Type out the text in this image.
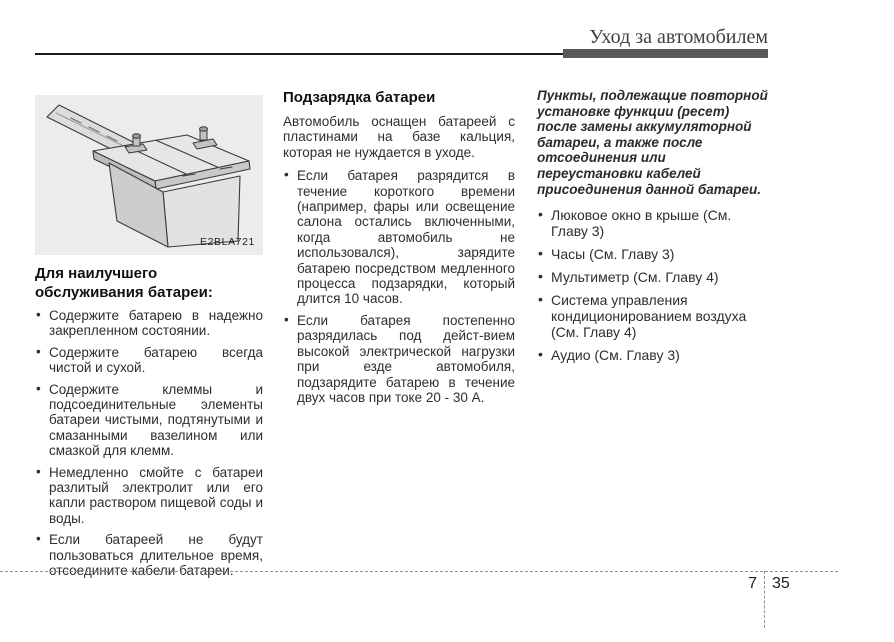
Уход за автомобилем
E2BLA721
Для наилучшего обслуживания батареи:
• Содержите батарею в надежно закрепленном состоянии.
• Содержите батарею всегда чистой и сухой.
• Содержите клеммы и подсоединительные элементы батареи чистыми, подтянутыми и смазанными вазелином или смазкой для клемм.
• Немедленно смойте с батареи разлитый электролит или его капли раствором пищевой соды и воды.
• Если батареей не будут пользоваться длительное время, отсоедините кабели батареи.
Подзарядка батареи

Автомобиль оснащен батареей с пластинами на базе кальция, которая не нуждается в уходе.

• Если батарея разрядится в течение короткого времени (например, фары или освещение салона остались включенными, когда автомобиль не использовался), зарядите батарею посредством медленного процесса подзарядки, который длится 10 часов.
• Если батарея постепенно разрядилась под дейст-вием высокой электрической нагрузки при езде автомобиля, подзарядите батарею в течение двух часов при токе 20 - 30 А.

Пункты, подлежащие повторной установке функции (ресет) после замены аккумуляторной батареи, а также после отсоединения или переустановки кабелей присоединения данной батареи.

• Люковое окно в крыше (См. Главу 3)
• Часы (См. Главу 3)
• Мультиметр (См. Главу 4)
• Система управления кондиционированием воздуха (См. Главу 4)
• Аудио (См. Главу 3)
7 35
